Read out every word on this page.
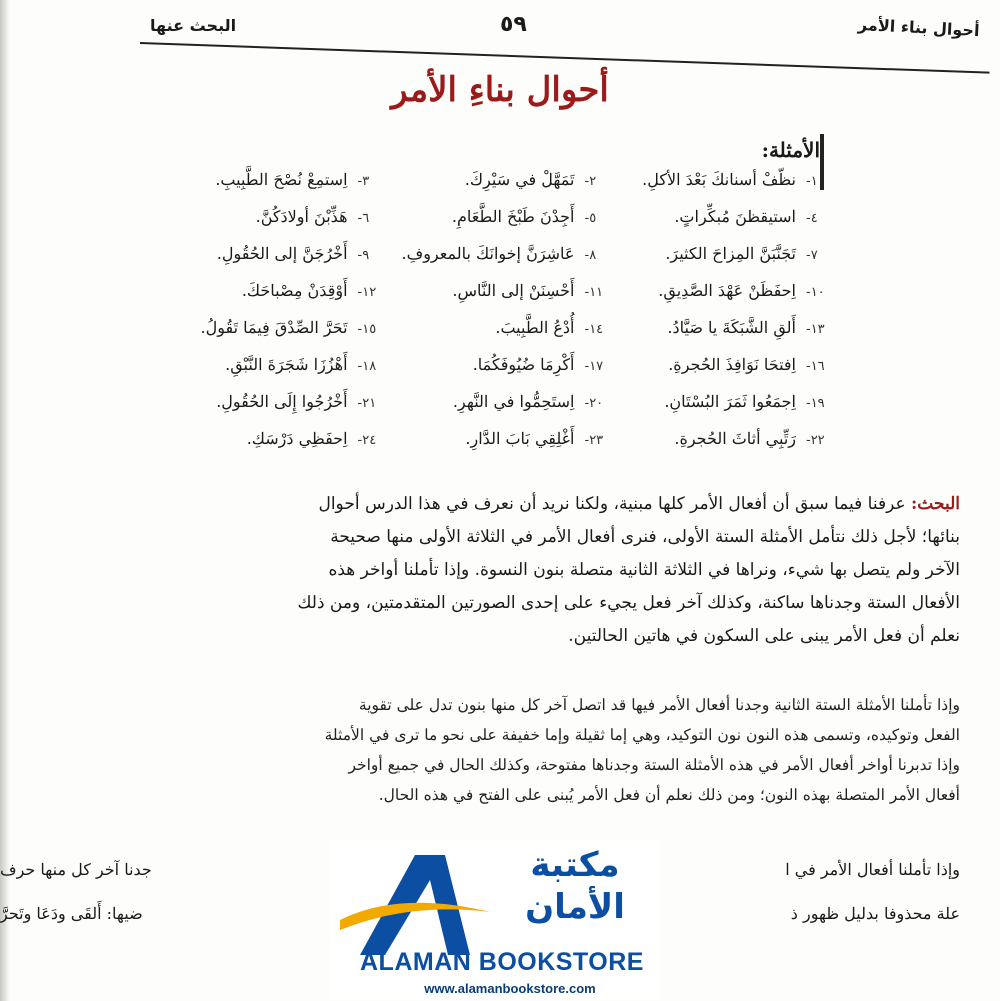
أحوال بناء الأمر
٥٩
البحث عنها
أحوال بناءِ الأمر
الأمثلة:
١-
نظّفْ أسنانكَ بَعْدَ الأكلِ.
٢-
تَمَهَّلْ في سَيْرِكَ.
٣-
اِستمِعْ نُصْحَ الطَّبِيبِ.
٤-
استيقظنَ مُبكِّراتٍ.
٥-
أَجِدْنَ طَبْخَ الطَّعَامِ.
٦-
هَذِّبْنَ أولادَكُنَّ.
٧-
تَجَنَّبَنَّ المِزاحَ الكثيرَ.
٨-
عَاشِرَنَّ إخوانَكَ بالمعروفِ.
٩-
أَخْرُجَنَّ إلى الحُقُولِ.
١٠-
اِحفَظَنْ عَهْدَ الصَّدِيقِ.
١١-
أَحْسِنَنْ إلى النَّاسِ.
١٢-
أَوْقِدَنْ مِصْباحَكَ.
١٣-
أَلقِ الشَّبَكَةَ يا صَيَّادُ.
١٤-
أُدْعُ الطَّبِيبَ.
١٥-
تَحَرَّ الصِّدْقَ فِيمَا تَقُولُ.
١٦-
اِفتحَا نَوَافِذَ الحُجرةِ.
١٧-
أَكْرِمَا ضُيُوفَكُمَا.
١٨-
أَهْزُزَا شَجَرَةَ النَّبْقِ.
١٩-
اِجمَعُوا ثَمَرَ البُسْتَانِ.
٢٠-
اِستَحِمُّوا في النَّهرِ.
٢١-
أَخْرُجُوا إِلَى الحُقُولِ.
٢٢-
رَتِّبِي أثاثَ الحُجرةِ.
٢٣-
أَغْلِقِي بَابَ الدَّارِ.
٢٤-
اِحفَظِي دَرْسَكِ.

البحث: عرفنا فيما سبق أن أفعال الأمر كلها مبنية، ولكنا نريد أن نعرف في هذا الدرس أحوال

بنائها؛ لأجل ذلك نتأمل الأمثلة الستة الأولى، فنرى أفعال الأمر في الثلاثة الأولى منها صحيحة

الآخر ولم يتصل بها شيء، ونراها في الثلاثة الثانية متصلة بنون النسوة. وإذا تأملنا أواخر هذه

الأفعال الستة وجدناها ساكنة، وكذلك آخر فعل يجيء على إحدى الصورتين المتقدمتين، ومن ذلك

نعلم أن فعل الأمر يبنى على السكون في هاتين الحالتين.

وإذا تأملنا الأمثلة الستة الثانية وجدنا أفعال الأمر فيها قد اتصل آخر كل منها بنون تدل على تقوية

الفعل وتوكيده، وتسمى هذه النون نون التوكيد، وهي إما ثقيلة وإما خفيفة على نحو ما ترى في الأمثلة

وإذا تدبرنا أواخر أفعال الأمر في هذه الأمثلة الستة وجدناها مفتوحة، وكذلك الحال في جميع أواخر

أفعال الأمر المتصلة بهذه النون؛ ومن ذلك نعلم أن فعل الأمر يُبنى على الفتح في هذه الحال.

وإذا تأملنا أفعال الأمر في ا
جدنا آخر كل منها حرف
علة محذوفا بدليل ظهور ذ
ضيها: أَلقَى ودَعَا وتَحرَّ
مكتبة
الأمان
ALAMAN BOOKSTORE
www.alamanbookstore.com
